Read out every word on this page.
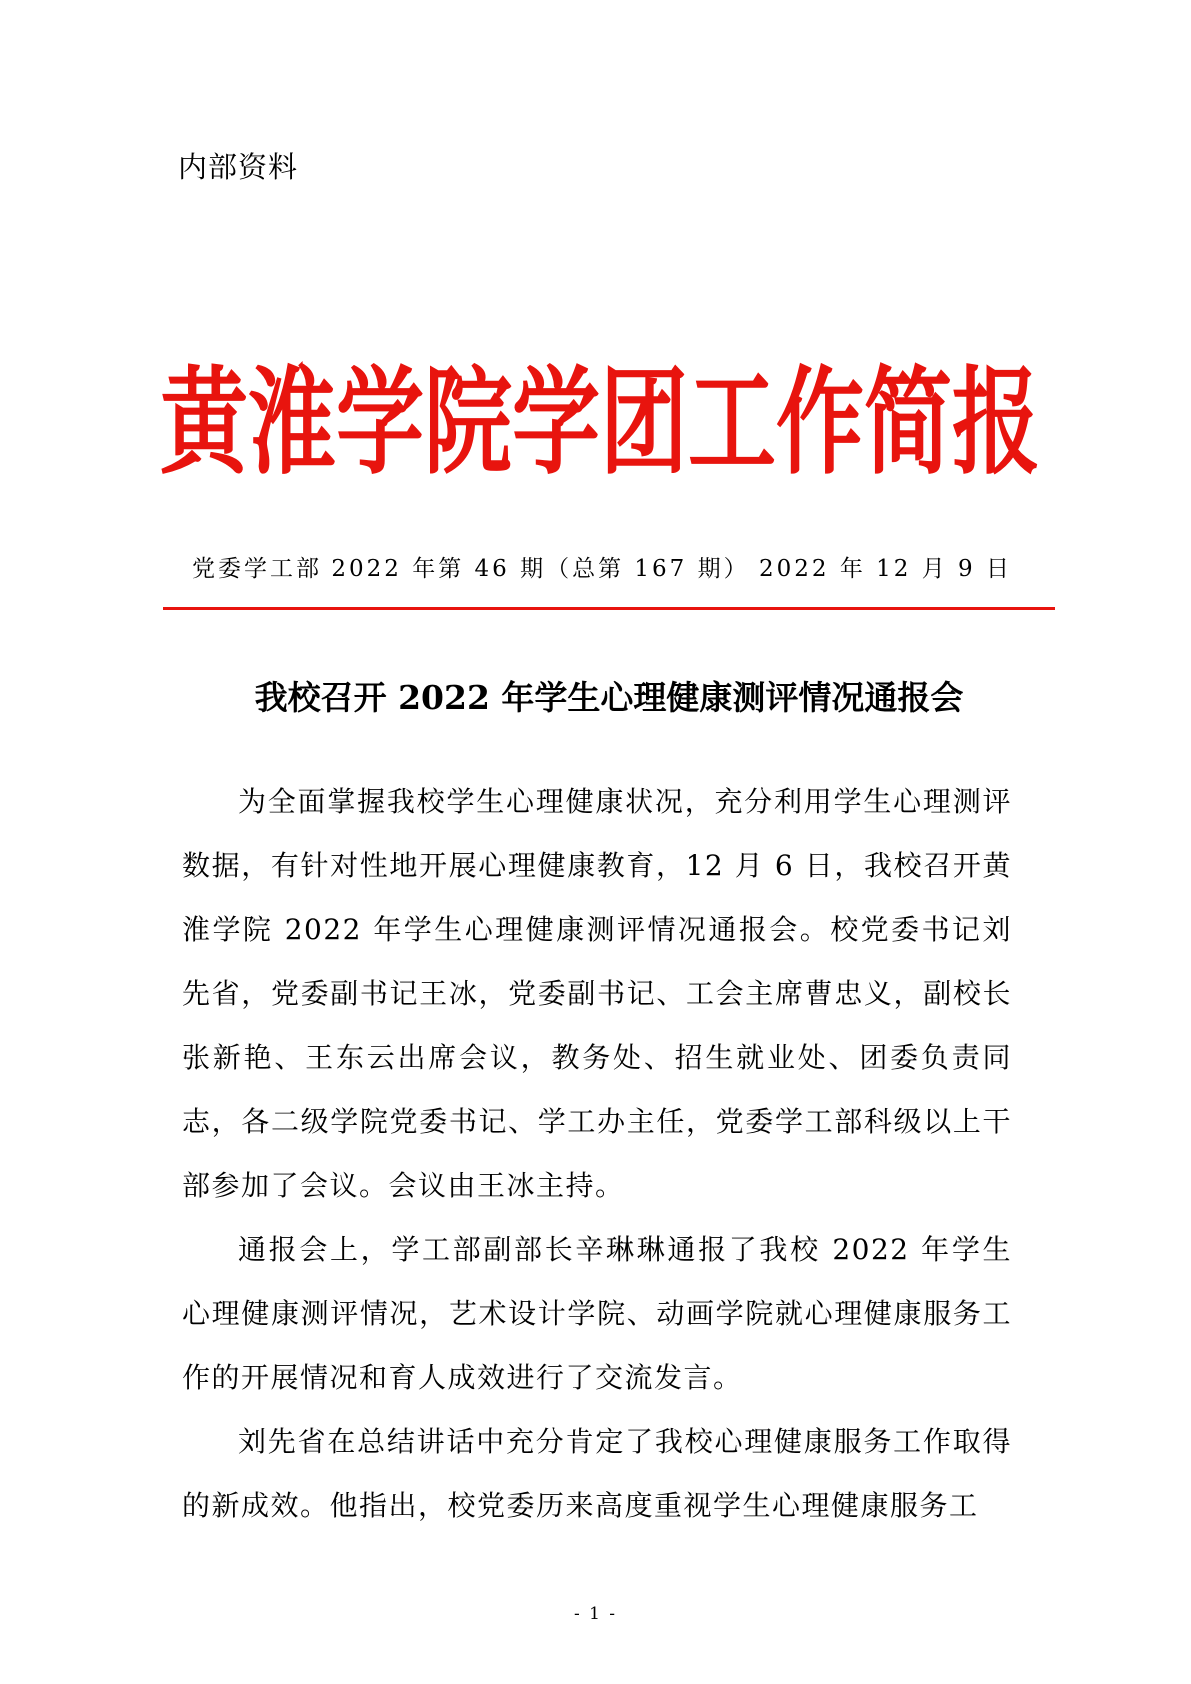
内部资料
黄淮学院学团工作简报
党委学工部 2022 年第 46 期（总第 167 期） 2022 年 12 月 9 日
我校召开 2022 年学生心理健康测评情况通报会

为全面掌握我校学生心理健康状况，充分利用学生心理测评数据，有针对性地开展心理健康教育，12 月 6 日，我校召开黄淮学院 2022 年学生心理健康测评情况通报会。校党委书记刘先省，党委副书记王冰，党委副书记、工会主席曹忠义，副校长张新艳、王东云出席会议，教务处、招生就业处、团委负责同志，各二级学院党委书记、学工办主任，党委学工部科级以上干部参加了会议。会议由王冰主持。

通报会上，学工部副部长辛琳琳通报了我校 2022 年学生心理健康测评情况，艺术设计学院、动画学院就心理健康服务工作的开展情况和育人成效进行了交流发言。

刘先省在总结讲话中充分肯定了我校心理健康服务工作取得的新成效。他指出，校党委历来高度重视学生心理健康服务工

- 1 -
